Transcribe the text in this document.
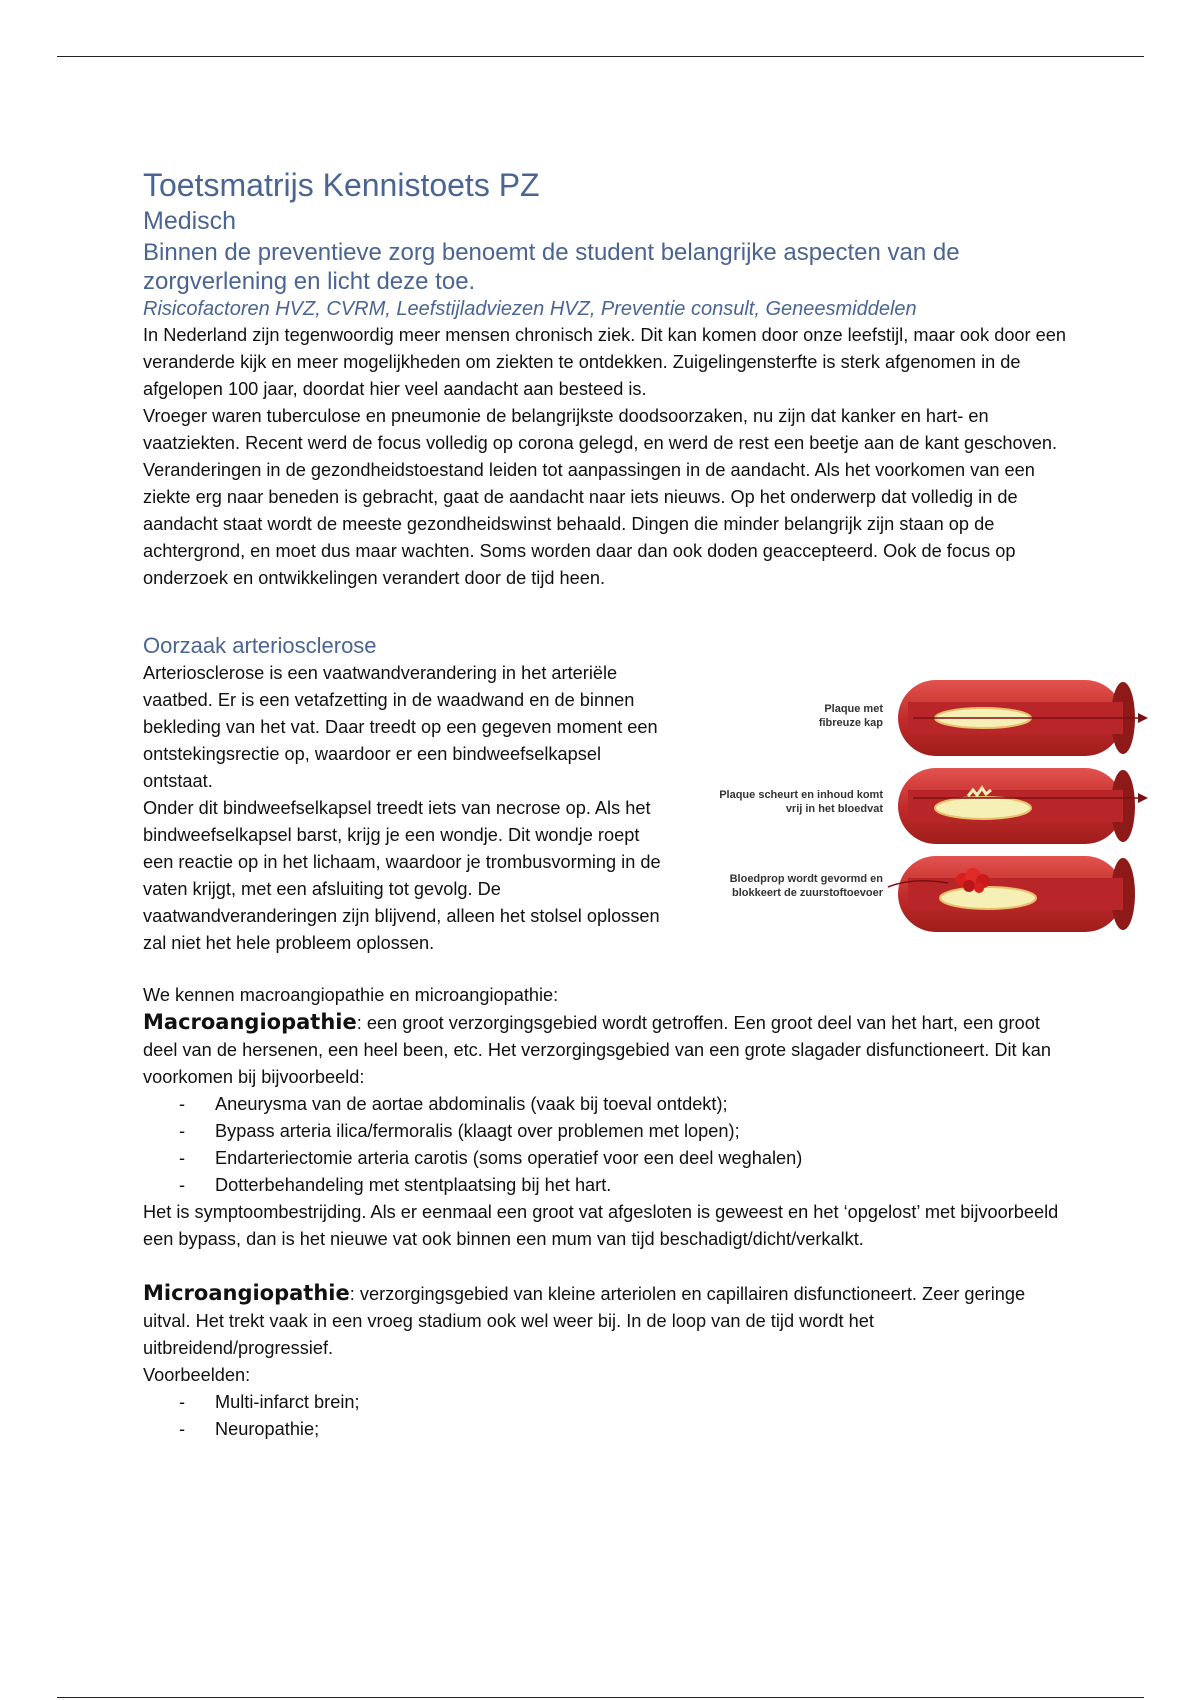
Toetsmatrijs Kennistoets PZ
Medisch
Binnen de preventieve zorg benoemt de student belangrijke aspecten van de zorgverlening en licht deze toe.
Risicofactoren HVZ, CVRM, Leefstijladviezen HVZ, Preventie consult, Geneesmiddelen

In Nederland zijn tegenwoordig meer mensen chronisch ziek. Dit kan komen door onze leefstijl, maar ook door een veranderde kijk en meer mogelijkheden om ziekten te ontdekken. Zuigelingensterfte is sterk afgenomen in de afgelopen 100 jaar, doordat hier veel aandacht aan besteed is.

Vroeger waren tuberculose en pneumonie de belangrijkste doodsoorzaken, nu zijn dat kanker en hart- en vaatziekten. Recent werd de focus volledig op corona gelegd, en werd de rest een beetje aan de kant geschoven.

Veranderingen in de gezondheidstoestand leiden tot aanpassingen in de aandacht. Als het voorkomen van een ziekte erg naar beneden is gebracht, gaat de aandacht naar iets nieuws. Op het onderwerp dat volledig in de aandacht staat wordt de meeste gezondheidswinst behaald. Dingen die minder belangrijk zijn staan op de achtergrond, en moet dus maar wachten. Soms worden daar dan ook doden geaccepteerd. Ook de focus op onderzoek en ontwikkelingen verandert door de tijd heen.

Oorzaak arteriosclerose

Arteriosclerose is een vaatwandverandering in het arteriële vaatbed. Er is een vetafzetting in de waadwand en de binnen bekleding van het vat. Daar treedt op een gegeven moment een

ontstekingsrectie op, waardoor er een bindweefselkapsel ontstaat.

Onder dit bindweefselkapsel treedt iets van necrose op. Als het bindweefselkapsel barst, krijg je een wondje. Dit wondje roept een reactie op in het lichaam, waardoor je trombusvorming in de vaten krijgt, met een afsluiting tot gevolg. De vaatwandveranderingen zijn blijvend, alleen het stolsel oplossen zal niet het hele probleem oplossen.

Plaque met
fibreuze kap
Plaque scheurt en inhoud komt
vrij in het bloedvat
Bloedprop wordt gevormd en
blokkeert de zuurstoftoevoer

We kennen macroangiopathie en microangiopathie:

Macroangiopathie: een groot verzorgingsgebied wordt getroffen. Een groot deel van het hart, een groot deel van de hersenen, een heel been, etc. Het verzorgingsgebied van een grote slagader disfunctioneert. Dit kan voorkomen bij bijvoorbeeld:

- Aneurysma van de aortae abdominalis (vaak bij toeval ontdekt);
- Bypass arteria ilica/fermoralis (klaagt over problemen met lopen);
- Endarteriectomie arteria carotis (soms operatief voor een deel weghalen)
- Dotterbehandeling met stentplaatsing bij het hart.

Het is symptoombestrijding. Als er eenmaal een groot vat afgesloten is geweest en het ‘opgelost’ met bijvoorbeeld een bypass, dan is het nieuwe vat ook binnen een mum van tijd beschadigt/dicht/verkalkt.

Microangiopathie: verzorgingsgebied van kleine arteriolen en capillairen disfunctioneert. Zeer geringe uitval. Het trekt vaak in een vroeg stadium ook wel weer bij. In de loop van de tijd wordt het uitbreidend/progressief.

Voorbeelden:

- Multi-infarct brein;
- Neuropathie;
